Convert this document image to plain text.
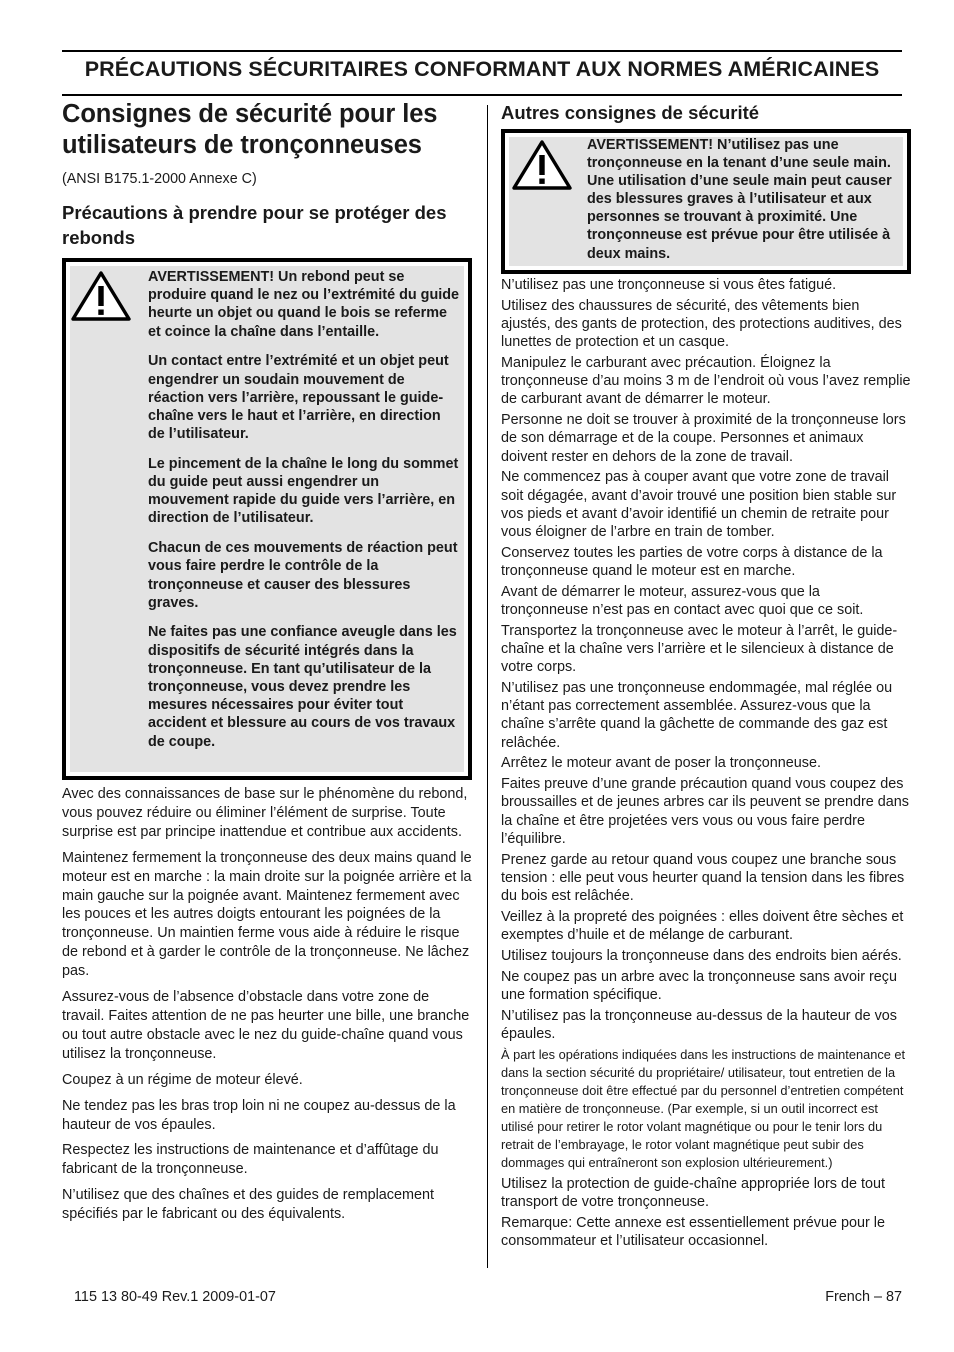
PRÉCAUTIONS SÉCURITAIRES CONFORMANT AUX NORMES AMÉRICAINES
Consignes de sécurité pour les utilisateurs de tronçonneuses
(ANSI B175.1-2000 Annexe C)
Précautions à prendre pour se protéger des rebonds

AVERTISSEMENT! Un rebond peut se produire quand le nez ou l’extrémité du guide heurte un objet ou quand le bois se referme et coince la chaîne dans l’entaille.

Un contact entre l’extrémité et un objet peut engendrer un soudain mouvement de réaction vers l’arrière, repoussant le guide-chaîne vers le haut et l’arrière, en direction de l’utilisateur.

Le pincement de la chaîne le long du sommet du guide peut aussi engendrer un mouvement rapide du guide vers l’arrière, en direction de l’utilisateur.

Chacun de ces mouvements de réaction peut vous faire perdre le contrôle de la tronçonneuse et causer des blessures graves.

Ne faites pas une confiance aveugle dans les dispositifs de sécurité intégrés dans la tronçonneuse. En tant qu’utilisateur de la tronçonneuse, vous devez prendre les mesures nécessaires pour éviter tout accident et blessure au cours de vos travaux de coupe.

Avec des connaissances de base sur le phénomène du rebond, vous pouvez réduire ou éliminer l’élément de surprise. Toute surprise est par principe inattendue et contribue aux accidents.

Maintenez fermement la tronçonneuse des deux mains quand le moteur est en marche : la main droite sur la poignée arrière et la main gauche sur la poignée avant. Maintenez fermement avec les pouces et les autres doigts entourant les poignées de la tronçonneuse. Un maintien ferme vous aide à réduire le risque de rebond et à garder le contrôle de la tronçonneuse. Ne lâchez pas.

Assurez-vous de l’absence d’obstacle dans votre zone de travail. Faites attention de ne pas heurter une bille, une branche ou tout autre obstacle avec le nez du guide-chaîne quand vous utilisez la tronçonneuse.

Coupez à un régime de moteur élevé.

Ne tendez pas les bras trop loin ni ne coupez au-dessus de la hauteur de vos épaules.

Respectez les instructions de maintenance et d’affûtage du fabricant de la tronçonneuse.

N’utilisez que des chaînes et des guides de remplacement spécifiés par le fabricant ou des équivalents.

Autres consignes de sécurité
AVERTISSEMENT! N’utilisez pas une tronçonneuse en la tenant d’une seule main. Une utilisation d’une seule main peut causer des blessures graves à l’utilisateur et aux personnes se trouvant à proximité. Une tronçonneuse est prévue pour être utilisée à deux mains.

N’utilisez pas une tronçonneuse si vous êtes fatigué.

Utilisez des chaussures de sécurité, des vêtements bien ajustés, des gants de protection, des protections auditives, des lunettes de protection et un casque.

Manipulez le carburant avec précaution. Éloignez la tronçonneuse d’au moins 3 m de l’endroit où vous l’avez remplie de carburant avant de démarrer le moteur.

Personne ne doit se trouver à proximité de la tronçonneuse lors de son démarrage et de la coupe. Personnes et animaux doivent rester en dehors de la zone de travail.

Ne commencez pas à couper avant que votre zone de travail soit dégagée, avant d’avoir trouvé une position bien stable sur vos pieds et avant d’avoir identifié un chemin de retraite pour vous éloigner de l’arbre en train de tomber.

Conservez toutes les parties de votre corps à distance de la tronçonneuse quand le moteur est en marche.

Avant de démarrer le moteur, assurez-vous que la tronçonneuse n’est pas en contact avec quoi que ce soit.

Transportez la tronçonneuse avec le moteur à l’arrêt, le guide-chaîne et la chaîne vers l’arrière et le silencieux à distance de votre corps.

N’utilisez pas une tronçonneuse endommagée, mal réglée ou n’étant pas correctement assemblée. Assurez-vous que la chaîne s’arrête quand la gâchette de commande des gaz est relâchée.

Arrêtez le moteur avant de poser la tronçonneuse.

Faites preuve d’une grande précaution quand vous coupez des broussailles et de jeunes arbres car ils peuvent se prendre dans la chaîne et être projetées vers vous ou vous faire perdre l’équilibre.

Prenez garde au retour quand vous coupez une branche sous tension : elle peut vous heurter quand la tension dans les fibres du bois est relâchée.

Veillez à la propreté des poignées : elles doivent être sèches et exemptes d’huile et de mélange de carburant.

Utilisez toujours la tronçonneuse dans des endroits bien aérés.

Ne coupez pas un arbre avec la tronçonneuse sans avoir reçu une formation spécifique.

N’utilisez pas la tronçonneuse au-dessus de la hauteur de vos épaules.

À part les opérations indiquées dans les instructions de maintenance et dans la section sécurité du propriétaire/ utilisateur, tout entretien de la tronçonneuse doit être effectué par du personnel d’entretien compétent en matière de tronçonneuse. (Par exemple, si un outil incorrect est utilisé pour retirer le rotor volant magnétique ou pour le tenir lors du retrait de l’embrayage, le rotor volant magnétique peut subir des dommages qui entraîneront son explosion ultérieurement.)

Utilisez la protection de guide-chaîne appropriée lors de tout transport de votre tronçonneuse.

Remarque: Cette annexe est essentiellement prévue pour le consommateur et l’utilisateur occasionnel.

115 13 80-49 Rev.1 2009-01-07	French – 87
